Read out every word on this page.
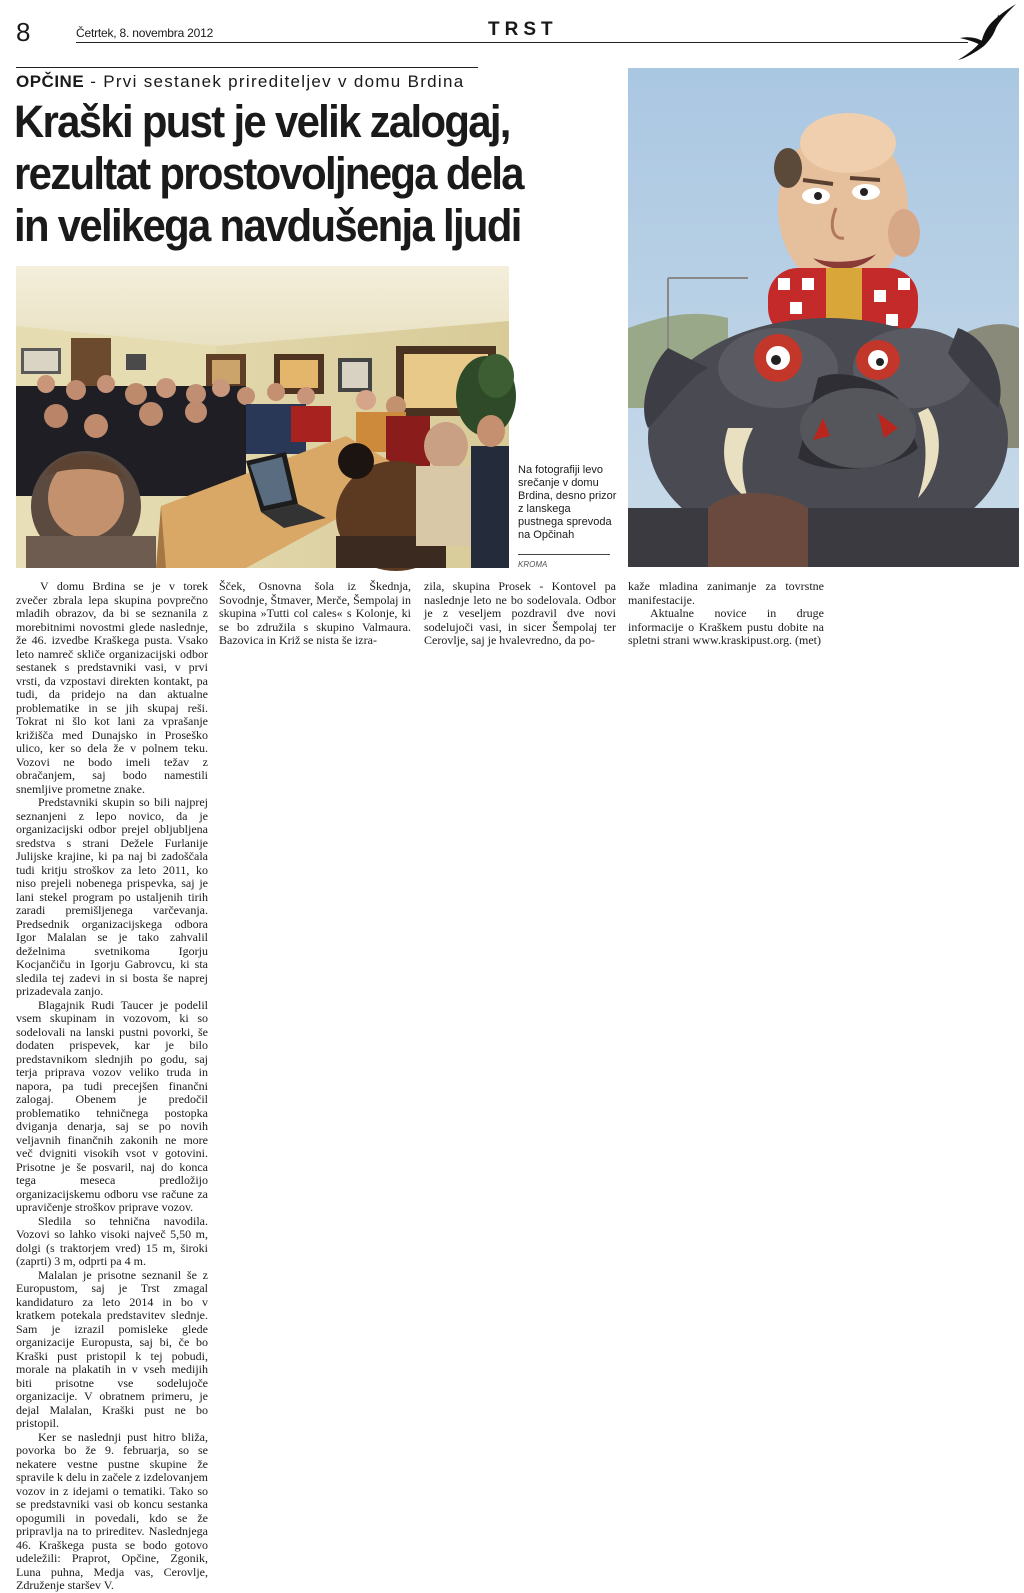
8	Četrtek, 8. novembra 2012	TRST
OPČINE - Prvi sestanek prirediteljev v domu Brdina
Kraški pust je velik zalogaj,
rezultat prostovoljnega dela
in velikega navdušenja ljudi
Na fotografiji levo srečanje v domu Brdina, desno prizor z lanskega pustnega sprevoda na Opčinah
KROMA

V domu Brdina se je v torek zvečer zbrala lepa skupina povprečno mladih obrazov, da bi se seznanila z morebitnimi novostmi glede naslednje, že 46. izvedbe Kraškega pusta. Vsako leto namreč skliče organizacijski odbor sestanek s predstavniki vasi, v prvi vrsti, da vzpostavi direkten kontakt, pa tudi, da pridejo na dan aktualne problematike in se jih skupaj reši. Tokrat ni šlo kot lani za vprašanje križišča med Dunajsko in Proseško ulico, ker so dela že v polnem teku. Vozovi ne bodo imeli težav z obračanjem, saj bodo namestili snemljive prometne znake.

Predstavniki skupin so bili najprej seznanjeni z lepo novico, da je organizacijski odbor prejel obljubljena sredstva s strani Dežele Furlanije Julijske krajine, ki pa naj bi zadoščala tudi kritju stroškov za leto 2011, ko niso prejeli nobenega prispevka, saj je lani stekel program po ustaljenih tirih zaradi premišljenega varčevanja. Predsednik organizacijskega odbora Igor Malalan se je tako zahvalil deželnima svetnikoma Igorju Kocjančiču in Igorju Gabrovcu, ki sta sledila tej zadevi in si bosta še naprej prizadevala zanjo.

Blagajnik Rudi Taucer je podelil vsem skupinam in vozovom, ki so sodelovali na lanski pustni povorki, še dodaten prispevek, kar je bilo predstavnikom slednjih po godu, saj terja priprava vozov veliko truda in napora, pa tudi precejšen finančni zalogaj. Obenem je predočil problematiko tehničnega postopka dviganja denarja, saj se po novih veljavnih finančnih zakonih ne more več dvigniti visokih vsot v gotovini. Prisotne je še posvaril, naj do konca tega meseca predložijo organizacijskemu odboru vse račune za upravičenje stroškov priprave vozov.

Sledila so tehnična navodila. Vozovi so lahko visoki največ 5,50 m, dolgi (s traktorjem vred) 15 m, široki (zaprti) 3 m, odprti pa 4 m.

Malalan je prisotne seznanil še z Europustom, saj je Trst zmagal kandidaturo za leto 2014 in bo v kratkem potekala predstavitev slednje. Sam je izrazil pomisleke glede organizacije Europusta, saj bi, če bo Kraški pust pristopil k tej pobudi, morale na plakatih in v vseh medijih biti prisotne vse sodelujoče organizacije. V obratnem primeru, je dejal Malalan, Kraški pust ne bo pristopil.

Ker se naslednji pust hitro bliža, povorka bo že 9. februarja, so se nekatere vestne pustne skupine že spravile k delu in začele z izdelovanjem vozov in z idejami o tematiki. Tako so se predstavniki vasi ob koncu sestanka opogumili in povedali, kdo se že pripravlja na to prireditev. Naslednjega 46. Kraškega pusta se bodo gotovo udeležili: Praprot, Opčine, Zgonik, Luna puhna, Medja vas, Cerovlje, Združenje staršev V.

Šček, Osnovna šola iz Škednja, Sovodnje, Štmaver, Merče, Šempolaj in skupina »Tutti col cales« s Kolonje, ki se bo združila s skupino Valmaura. Bazovica in Križ se nista še izra-

zila, skupina Prosek - Kontovel pa naslednje leto ne bo sodelovala. Odbor je z veseljem pozdravil dve novi sodelujoči vasi, in sicer Šempolaj ter Cerovlje, saj je hvalevredno, da po-

kaže mladina zanimanje za tovrstne manifestacije.

Aktualne novice in druge informacije o Kraškem pustu dobite na spletni strani www.kraskipust.org. (met)
